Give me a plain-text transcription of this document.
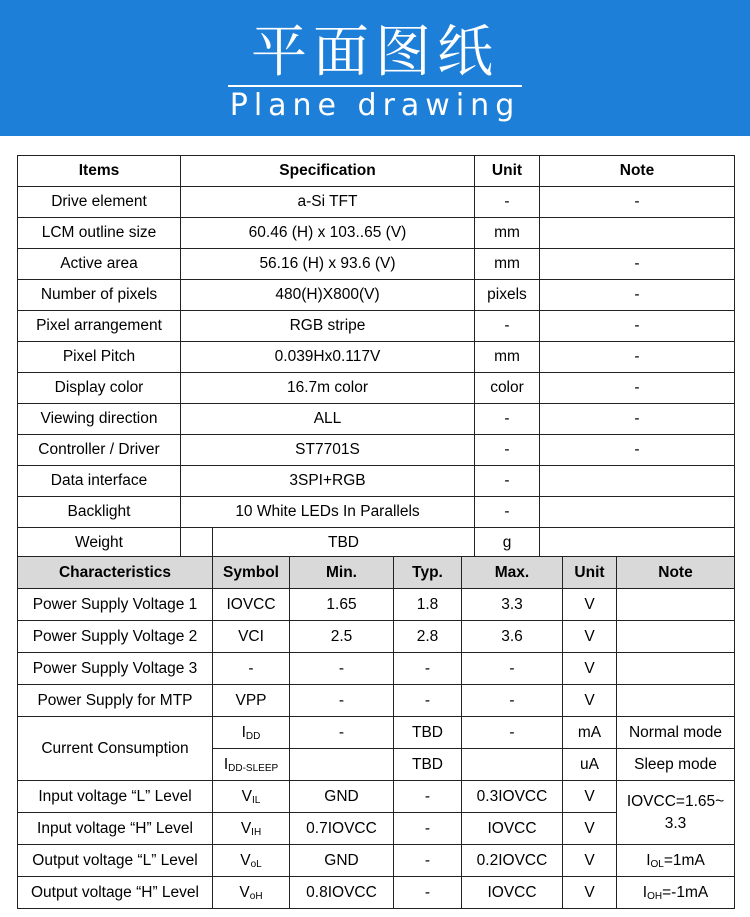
平面图纸
Plane drawing
Items	Specification		Unit	Note
Drive element	a-Si TFT		-	-
LCM outline size	60.46 (H) x 103..65 (V)		mm	
Active area	56.16 (H) x 93.6 (V)		mm	-
Number of pixels	480(H)X800(V)		pixels	-
Pixel arrangement	RGB stripe		-	-
Pixel Pitch	0.039Hx0.117V		mm	-
Display color	16.7m color		color	-
Viewing direction	ALL		-	-
Controller / Driver	ST7701S		-	-
Data interface	3SPI+RGB		-	
Backlight	10 White LEDs In Parallels		-	
Weight		TBD	g	
Characteristics	Symbol	Min.	Typ.	Max.	Unit	Note
Power Supply Voltage 1	IOVCC	1.65	1.8	3.3	V	
Power Supply Voltage 2	VCI	2.5	2.8	3.6	V	
Power Supply Voltage 3	-	-	-	-	V	
Power Supply for MTP	VPP	-	-	-	V	
Current Consumption	$I_{DD}$	-	TBD	-	mA	Normal mode
	$I_{DD-SLEEP}$		TBD		uA	Sleep mode
Input voltage “L” Level	$V_{IL}$	GND	-	0.3IOVCC	V	IOVCC=1.65~ 3.3
Input voltage “H” Level	$V_{IH}$	0.7IOVCC	-	IOVCC	V	
Output voltage “L” Level	$V_{oL}$	GND	-	0.2IOVCC	V	$I_{OL}=1mA$
Output voltage “H” Level	$V_{oH}$	0.8IOVCC	-	IOVCC	V	$I_{OH}=-1mA$
